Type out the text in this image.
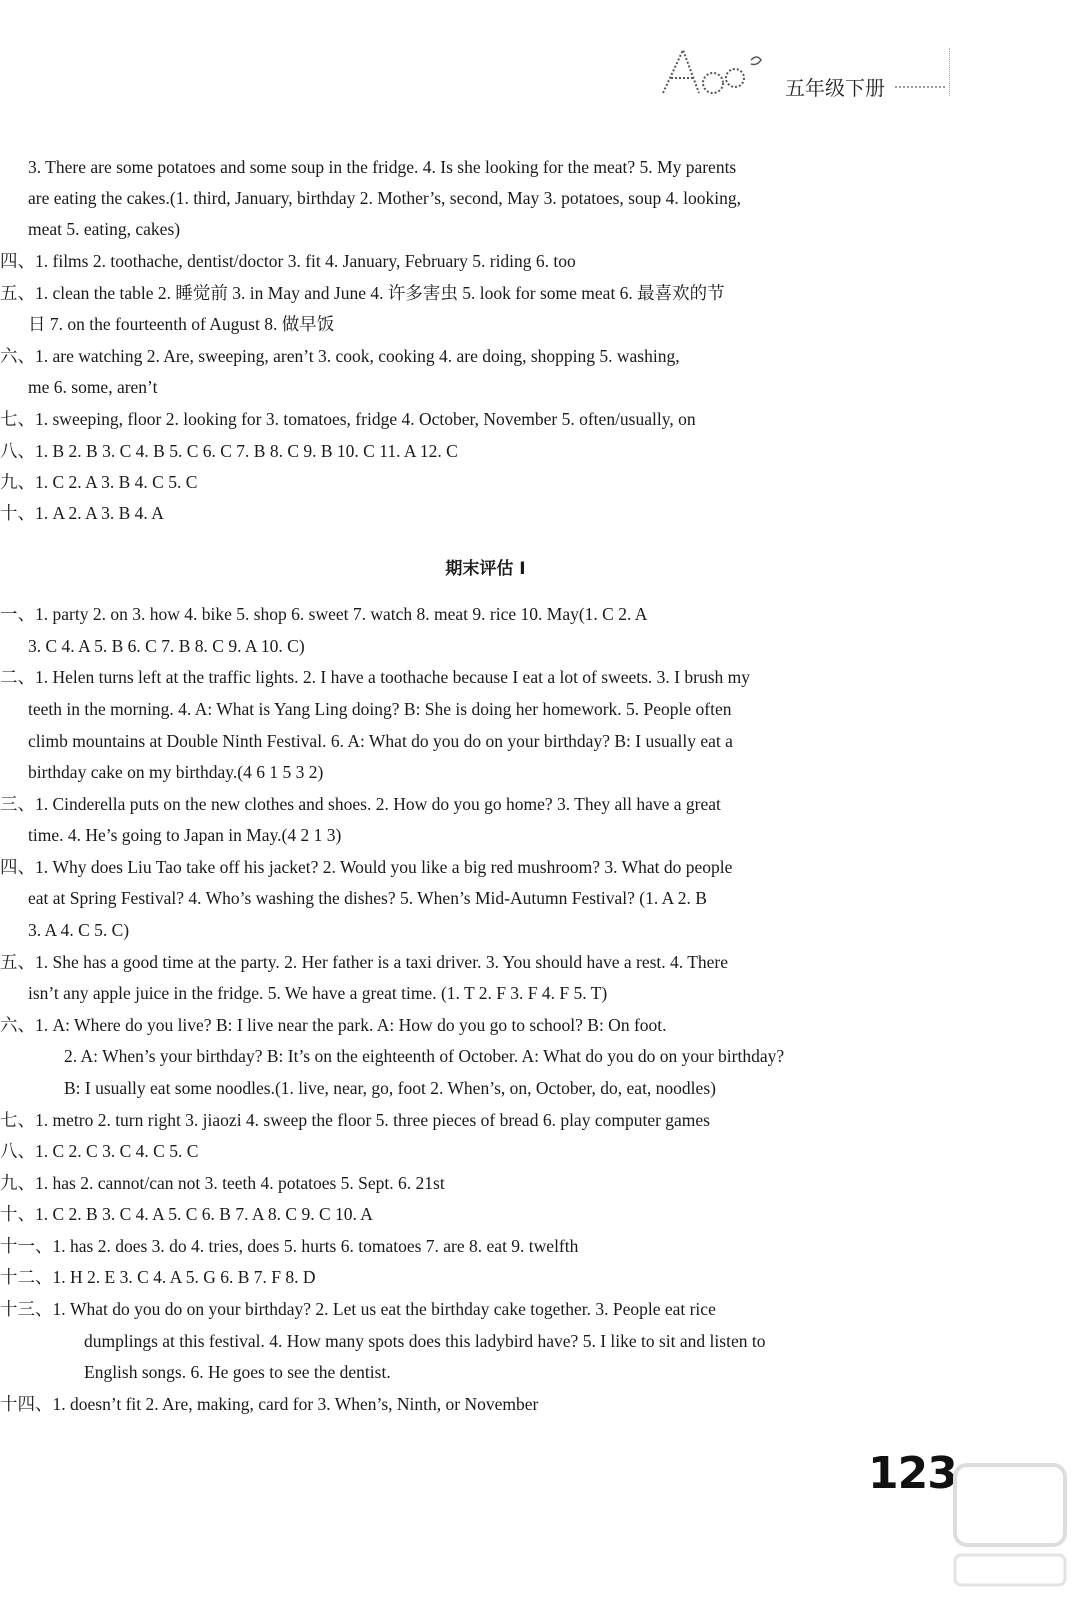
五年级下册
3. There are some potatoes and some soup in the fridge. 4. Is she looking for the meat? 5. My parents
are eating the cakes.(1. third, January, birthday 2. Mother’s, second, May 3. potatoes, soup 4. looking,
meat 5. eating, cakes)
四、1. films 2. toothache, dentist/doctor 3. fit 4. January, February 5. riding 6. too
五、1. clean the table 2. 睡觉前 3. in May and June 4. 许多害虫 5. look for some meat 6. 最喜欢的节
日 7. on the fourteenth of August 8. 做早饭
六、1. are watching 2. Are, sweeping, aren’t 3. cook, cooking 4. are doing, shopping 5. washing,
me 6. some, aren’t
七、1. sweeping, floor 2. looking for 3. tomatoes, fridge 4. October, November 5. often/usually, on
八、1. B 2. B 3. C 4. B 5. C 6. C 7. B 8. C 9. B 10. C 11. A 12. C
九、1. C 2. A 3. B 4. C 5. C
十、1. A 2. A 3. B 4. A
期末评估 I
一、1. party 2. on 3. how 4. bike 5. shop 6. sweet 7. watch 8. meat 9. rice 10. May(1. C 2. A
3. C 4. A 5. B 6. C 7. B 8. C 9. A 10. C)
二、1. Helen turns left at the traffic lights. 2. I have a toothache because I eat a lot of sweets. 3. I brush my
teeth in the morning. 4. A: What is Yang Ling doing? B: She is doing her homework. 5. People often
climb mountains at Double Ninth Festival. 6. A: What do you do on your birthday? B: I usually eat a
birthday cake on my birthday.(4 6 1 5 3 2)
三、1. Cinderella puts on the new clothes and shoes. 2. How do you go home? 3. They all have a great
time. 4. He’s going to Japan in May.(4 2 1 3)
四、1. Why does Liu Tao take off his jacket? 2. Would you like a big red mushroom? 3. What do people
eat at Spring Festival? 4. Who’s washing the dishes? 5. When’s Mid-Autumn Festival? (1. A 2. B
3. A 4. C 5. C)
五、1. She has a good time at the party. 2. Her father is a taxi driver. 3. You should have a rest. 4. There
isn’t any apple juice in the fridge. 5. We have a great time. (1. T 2. F 3. F 4. F 5. T)
六、1. A: Where do you live? B: I live near the park. A: How do you go to school? B: On foot.
2. A: When’s your birthday? B: It’s on the eighteenth of October. A: What do you do on your birthday?
B: I usually eat some noodles.(1. live, near, go, foot 2. When’s, on, October, do, eat, noodles)
七、1. metro 2. turn right 3. jiaozi 4. sweep the floor 5. three pieces of bread 6. play computer games
八、1. C 2. C 3. C 4. C 5. C
九、1. has 2. cannot/can not 3. teeth 4. potatoes 5. Sept. 6. 21st
十、1. C 2. B 3. C 4. A 5. C 6. B 7. A 8. C 9. C 10. A
十一、1. has 2. does 3. do 4. tries, does 5. hurts 6. tomatoes 7. are 8. eat 9. twelfth
十二、1. H 2. E 3. C 4. A 5. G 6. B 7. F 8. D
十三、1. What do you do on your birthday? 2. Let us eat the birthday cake together. 3. People eat rice
dumplings at this festival. 4. How many spots does this ladybird have? 5. I like to sit and listen to
English songs. 6. He goes to see the dentist.
十四、1. doesn’t fit 2. Are, making, card for 3. When’s, Ninth, or November
123
